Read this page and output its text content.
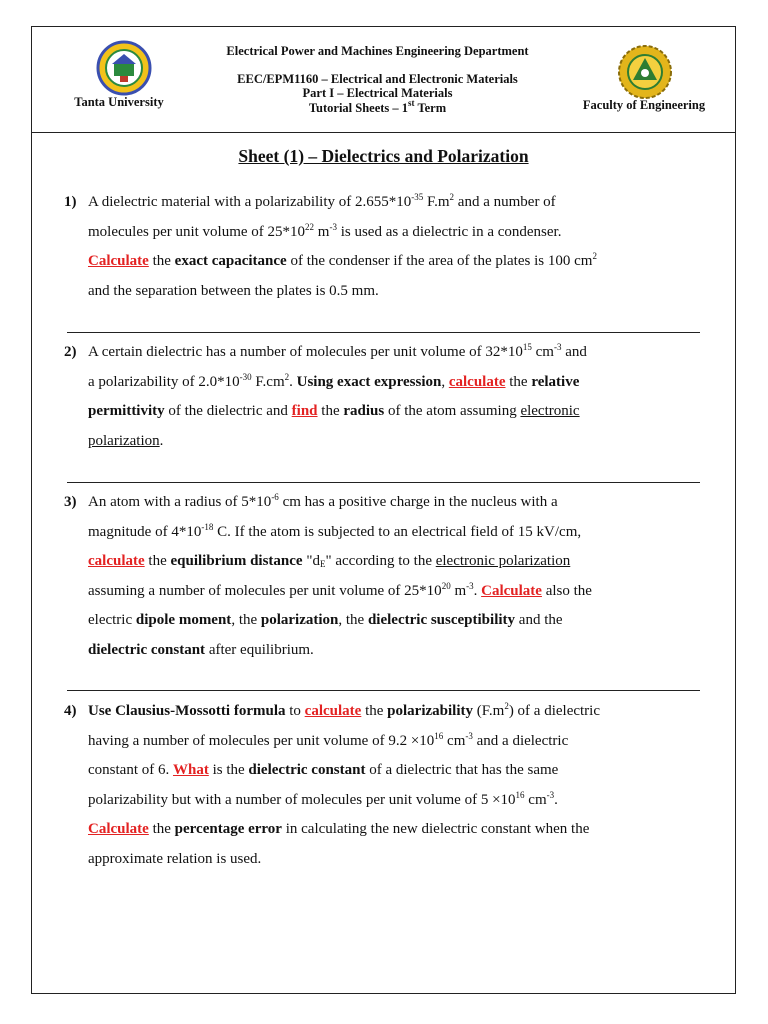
Tanta University	Faculty of Engineering
Electrical Power and Machines Engineering Department
EEC/EPM1160 – Electrical and Electronic Materials
Part I – Electrical Materials
Tutorial Sheets – 1st Term
Sheet (1) – Dielectrics and Polarization
1) A dielectric material with a polarizability of $2.655*10^{-35}$ $F.m^2$ and a number of
molecules per unit volume of $25*10^{22}$ $m^{-3}$ is used as a dielectric in a condenser.
Calculate the exact capacitance of the condenser if the area of the plates is 100 $cm^2$
and the separation between the plates is 0.5 mm.
2) A certain dielectric has a number of molecules per unit volume of $32*10^{15}$ $cm^{-3}$ and
a polarizability of $2.0*10^{-30}$ $F.cm^2$. Using exact expression, calculate the relative
permittivity of the dielectric and find the radius of the atom assuming electronic
polarization.
3) An atom with a radius of $5*10^{-6}$ cm has a positive charge in the nucleus with a
magnitude of $4*10^{-18}$ C. If the atom is subjected to an electrical field of 15 kV/cm,
calculate the equilibrium distance "$d_E$" according to the electronic polarization
assuming a number of molecules per unit volume of $25*10^{20}$ $m^{-3}$. Calculate also the
electric dipole moment, the polarization, the dielectric susceptibility and the
dielectric constant after equilibrium.
4) Use Clausius-Mossotti formula to calculate the polarizability $(F.m^2)$ of a dielectric
having a number of molecules per unit volume of $9.2 \times 10^{16}$ $cm^{-3}$ and a dielectric
constant of 6. What is the dielectric constant of a dielectric that has the same
polarizability but with a number of molecules per unit volume of $5 \times 10^{16}$ $cm^{-3}$.
Calculate the percentage error in calculating the new dielectric constant when the
approximate relation is used.
